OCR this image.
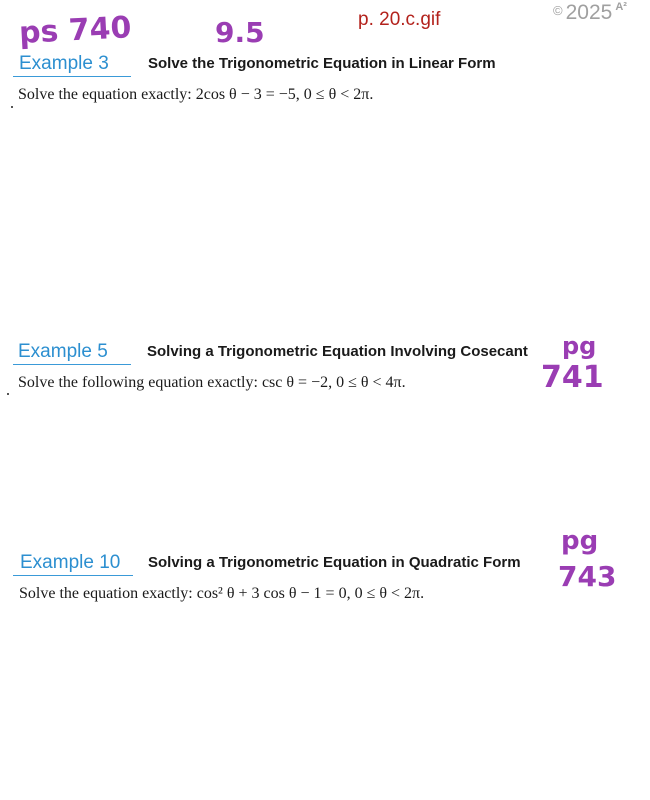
ps 740	9.5	p. 20.c.gif	© 2025 $^{A^2}$
Example 3	Solve the Trigonometric Equation in Linear Form
Solve the equation exactly: 2cos θ − 3 = −5, 0 ≤ θ < 2π.
Example 5	Solving a Trigonometric Equation Involving Cosecant
Solve the following equation exactly: csc θ = −2, 0 ≤ θ < 4π.
pg
741
Example 10 Solving a Trigonometric Equation in Quadratic Form
Solve the equation exactly: cos² θ + 3 cos θ − 1 = 0, 0 ≤ θ < 2π.
pg
743
